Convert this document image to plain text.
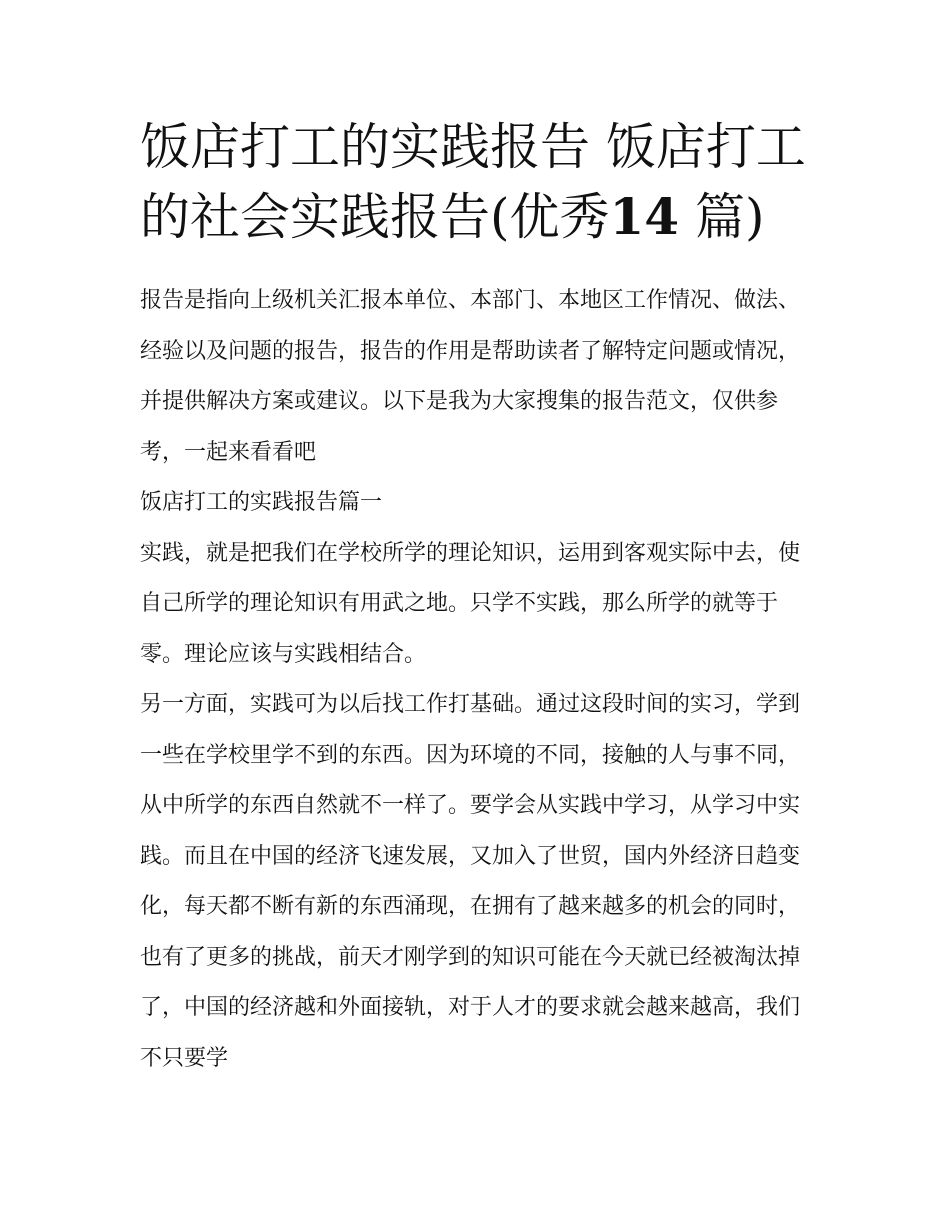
饭店打工的实践报告 饭店打工的社会实践报告(优秀14 篇)

报告是指向上级机关汇报本单位、本部门、本地区工作情况、做法、经验以及问题的报告，报告的作用是帮助读者了解特定问题或情况，并提供解决方案或建议。以下是我为大家搜集的报告范文，仅供参考，一起来看看吧

饭店打工的实践报告篇一

实践，就是把我们在学校所学的理论知识，运用到客观实际中去，使自己所学的理论知识有用武之地。只学不实践，那么所学的就等于零。理论应该与实践相结合。

另一方面，实践可为以后找工作打基础。通过这段时间的实习，学到一些在学校里学不到的东西。因为环境的不同，接触的人与事不同，从中所学的东西自然就不一样了。要学会从实践中学习，从学习中实践。而且在中国的经济飞速发展，又加入了世贸，国内外经济日趋变化，每天都不断有新的东西涌现，在拥有了越来越多的机会的同时，也有了更多的挑战，前天才刚学到的知识可能在今天就已经被淘汰掉了，中国的经济越和外面接轨，对于人才的要求就会越来越高，我们不只要学
